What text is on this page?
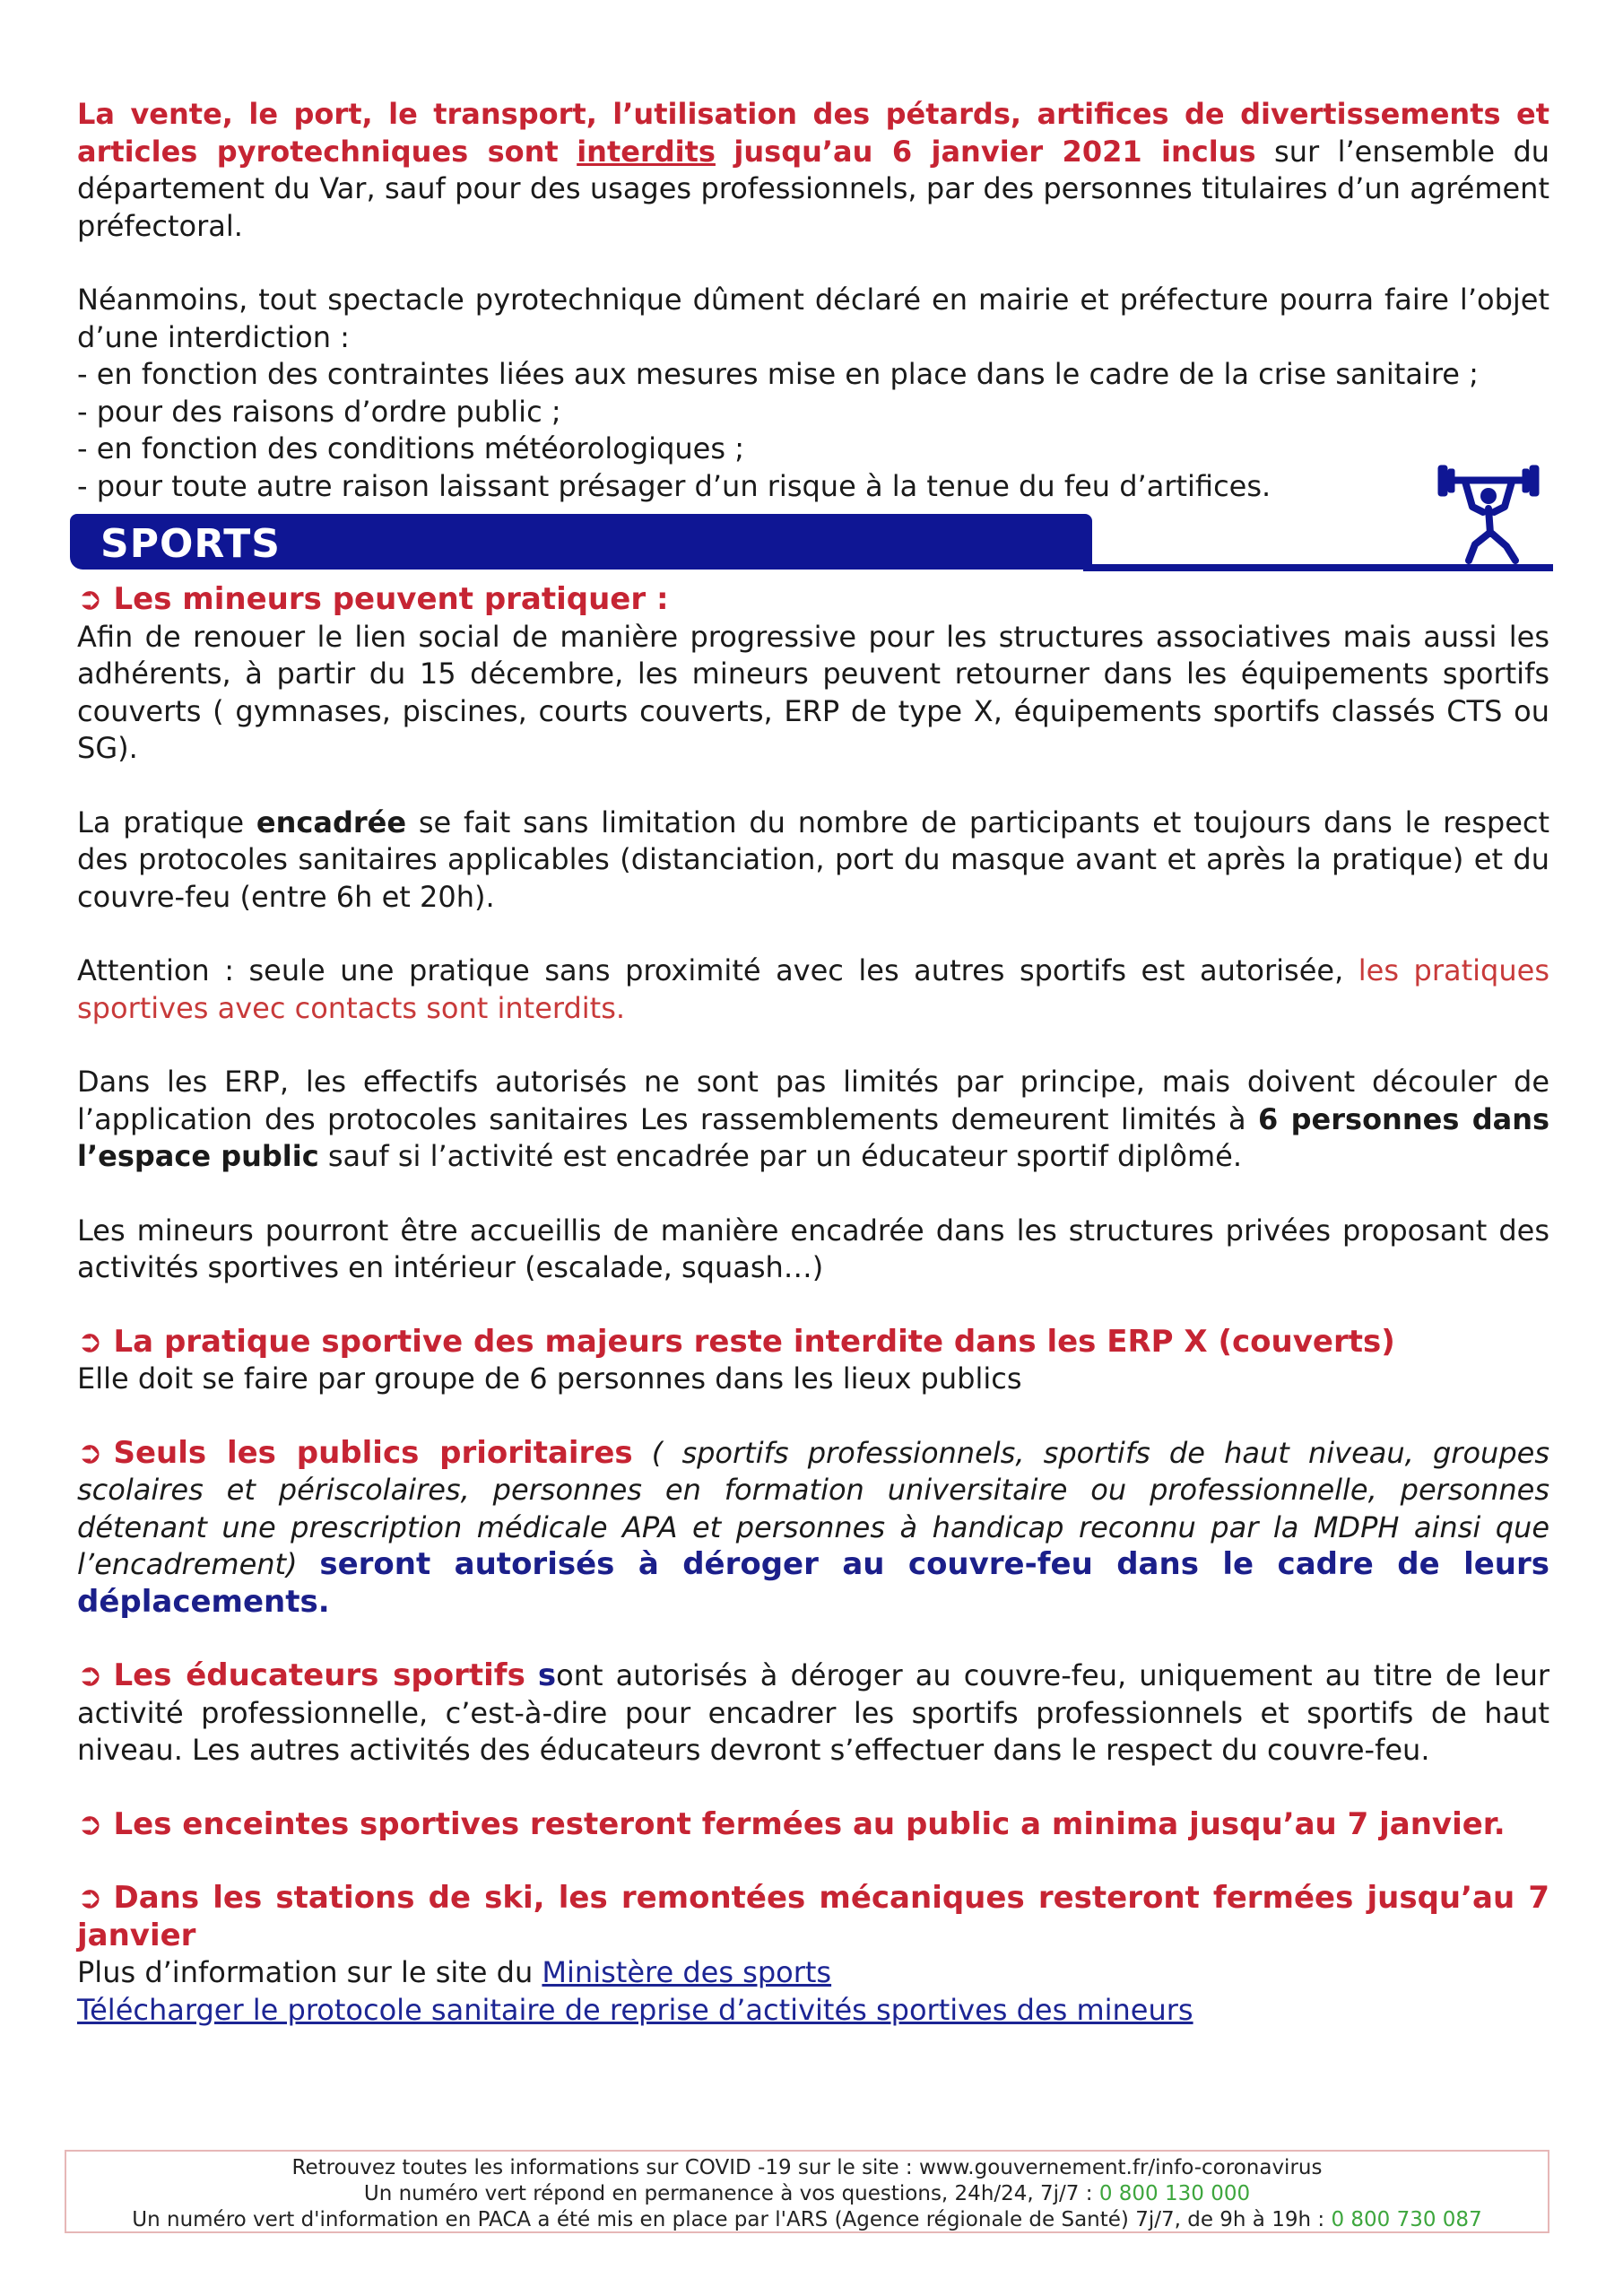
La vente, le port, le transport, l’utilisation des pétards, artifices de divertissements et articles pyrotechniques sont interdits jusqu’au 6 janvier 2021 inclus sur l’ensemble du département du Var, sauf pour des usages professionnels, par des personnes titulaires d’un agrément préfectoral.

Néanmoins, tout spectacle pyrotechnique dûment déclaré en mairie et préfecture pourra faire l’objet d’une interdiction :

- en fonction des contraintes liées aux mesures mise en place dans le cadre de la crise sanitaire ;

- pour des raisons d’ordre public ;

- en fonction des conditions météorologiques ;

- pour toute autre raison laissant présager d’un risque à la tenue du feu d’artifices.

SPORTS

➲ Les mineurs peuvent pratiquer :

Afin de renouer le lien social de manière progressive pour les structures associatives mais aussi les adhérents, à partir du 15 décembre, les mineurs peuvent retourner dans les équipements sportifs couverts ( gymnases, piscines, courts couverts, ERP de type X, équipements sportifs classés CTS ou SG).

La pratique encadrée se fait sans limitation du nombre de participants et toujours dans le respect des protocoles sanitaires applicables (distanciation, port du masque avant et après la pratique) et du couvre-feu (entre 6h et 20h).

Attention : seule une pratique sans proximité avec les autres sportifs est autorisée, les pratiques sportives avec contacts sont interdits.

Dans les ERP, les effectifs autorisés ne sont pas limités par principe, mais doivent découler de l’application des protocoles sanitaires Les rassemblements demeurent limités à 6 personnes dans l’espace public sauf si l’activité est encadrée par un éducateur sportif diplômé.

Les mineurs pourront être accueillis de manière encadrée dans les structures privées proposant des activités sportives en intérieur (escalade, squash…)

➲ La pratique sportive des majeurs reste interdite dans les ERP X (couverts)

Elle doit se faire par groupe de 6 personnes dans les lieux publics

➲ Seuls les publics prioritaires ( sportifs professionnels, sportifs de haut niveau, groupes scolaires et périscolaires, personnes en formation universitaire ou professionnelle, personnes détenant une prescription médicale APA et personnes à handicap reconnu par la MDPH ainsi que l’encadrement) seront autorisés à déroger au couvre-feu dans le cadre de leurs déplacements.

➲ Les éducateurs sportifs sont autorisés à déroger au couvre-feu, uniquement au titre de leur activité professionnelle, c’est-à-dire pour encadrer les sportifs professionnels et sportifs de haut niveau. Les autres activités des éducateurs devront s’effectuer dans le respect du couvre-feu.

➲ Les enceintes sportives resteront fermées au public a minima jusqu’au 7 janvier.

➲ Dans les stations de ski, les remontées mécaniques resteront fermées jusqu’au 7 janvier

Plus d’information sur le site du Ministère des sports

Télécharger le protocole sanitaire de reprise d’activités sportives des mineurs

Retrouvez toutes les informations sur COVID -19 sur le site : www.gouvernement.fr/info-coronavirus
Un numéro vert répond en permanence à vos questions, 24h/24, 7j/7 : 0 800 130 000
Un numéro vert d'information en PACA a été mis en place par l'ARS (Agence régionale de Santé) 7j/7, de 9h à 19h : 0 800 730 087
